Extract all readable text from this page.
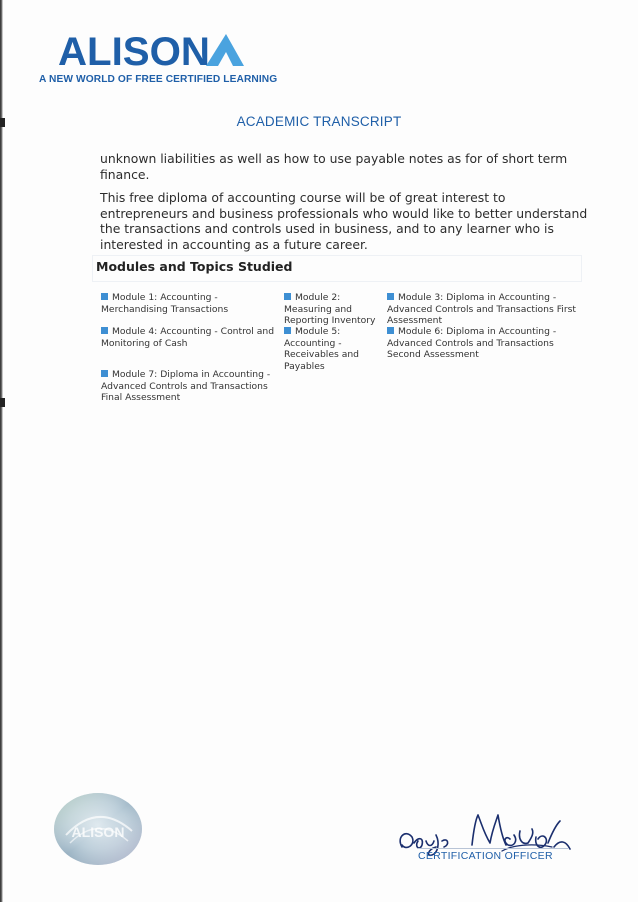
ALISON
A NEW WORLD OF FREE CERTIFIED LEARNING
ACADEMIC TRANSCRIPT

unknown liabilities as well as how to use payable notes as for of short term finance.

This free diploma of accounting course will be of great interest to entrepreneurs and business professionals who would like to better understand the transactions and controls used in business, and to any learner who is interested in accounting as a future career.

Modules and Topics Studied
Module 1: Accounting - Merchandising Transactions
Module 2: Measuring and Reporting Inventory
Module 3: Diploma in Accounting - Advanced Controls and Transactions First Assessment
Module 4: Accounting - Control and Monitoring of Cash
Module 5: Accounting - Receivables and Payables
Module 6: Diploma in Accounting - Advanced Controls and Transactions Second Assessment
Module 7: Diploma in Accounting - Advanced Controls and Transactions Final Assessment
ALISON
CERTIFICATION OFFICER
